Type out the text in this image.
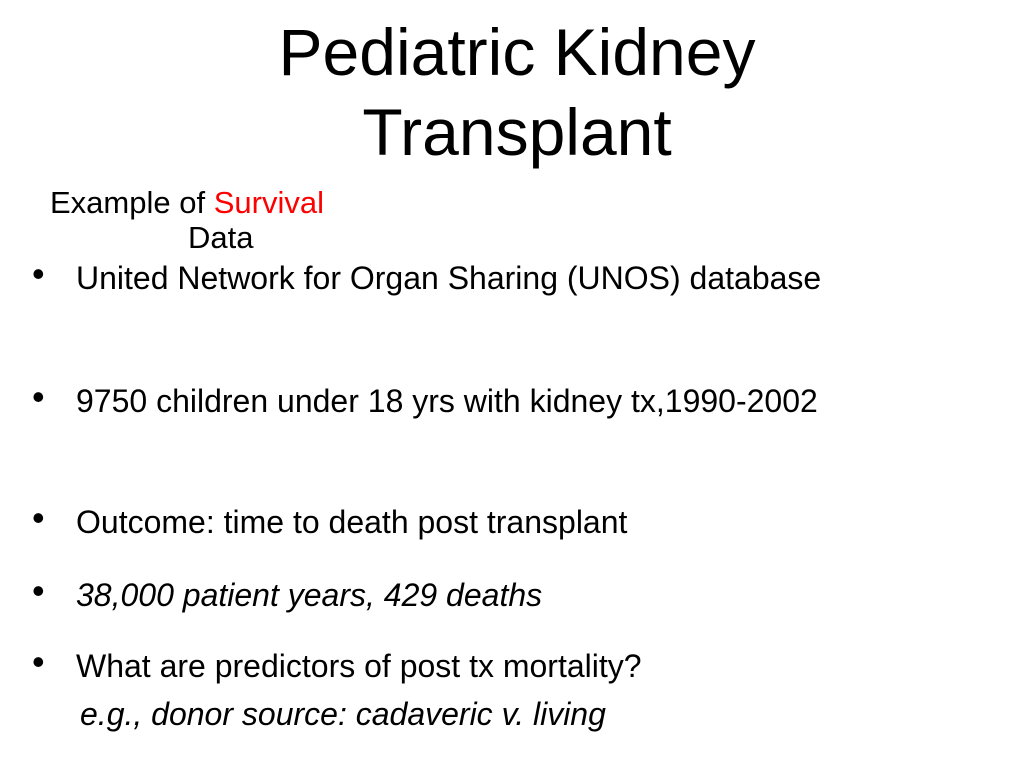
Pediatric Kidney
Transplant
Example of Survival
Data
• United Network for Organ Sharing (UNOS) database
• 9750 children under 18 yrs with kidney tx,1990-2002
• Outcome: time to death post transplant
• 38,000 patient years, 429 deaths
• What are predictors of post tx mortality?
e.g., donor source: cadaveric v. living
